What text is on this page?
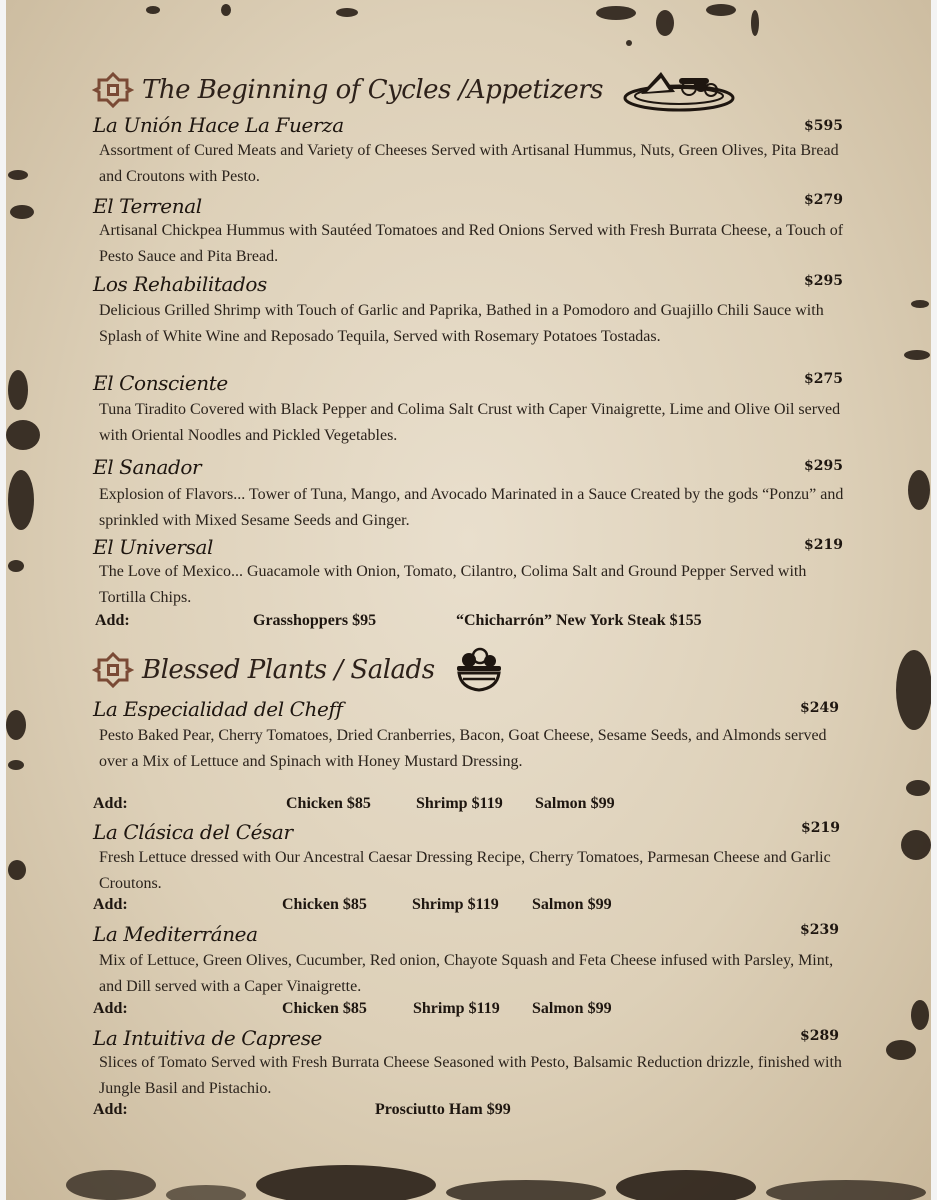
The Beginning of Cycles /Appetizers
La Unión Hace La Fuerza	$595

Assortment of Cured Meats and Variety of Cheeses Served with Artisanal Hummus, Nuts, Green Olives, Pita Bread and Croutons with Pesto.

El Terrenal	$279

Artisanal Chickpea Hummus with Sautéed Tomatoes and Red Onions Served with Fresh Burrata Cheese, a Touch of Pesto Sauce and Pita Bread.

Los Rehabilitados	$295

Delicious Grilled Shrimp with Touch of Garlic and Paprika, Bathed in a Pomodoro and Guajillo Chili Sauce with Splash of White Wine and Reposado Tequila, Served with Rosemary Potatoes Tostadas.

El Consciente	$275

Tuna Tiradito Covered with Black Pepper and Colima Salt Crust with Caper Vinaigrette, Lime and Olive Oil served with Oriental Noodles and Pickled Vegetables.

El Sanador	$295

Explosion of Flavors... Tower of Tuna, Mango, and Avocado Marinated in a Sauce Created by the gods “Ponzu” and sprinkled with Mixed Sesame Seeds and Ginger.

El Universal	$219

The Love of Mexico... Guacamole with Onion, Tomato, Cilantro, Colima Salt and Ground Pepper Served with Tortilla Chips.

Add:	Grasshoppers $95	“Chicharrón” New York Steak $155
Blessed Plants / Salads
La Especialidad del Cheff	$249

Pesto Baked Pear, Cherry Tomatoes, Dried Cranberries, Bacon, Goat Cheese, Sesame Seeds, and Almonds served over a Mix of Lettuce and Spinach with Honey Mustard Dressing.

Add:	Chicken $85	Shrimp $119 Salmon $99
La Clásica del César	$219

Fresh Lettuce dressed with Our Ancestral Caesar Dressing Recipe, Cherry Tomatoes, Parmesan Cheese and Garlic Croutons.

Add:	Chicken $85	Shrimp $119 Salmon $99
La Mediterránea	$239

Mix of Lettuce, Green Olives, Cucumber, Red onion, Chayote Squash and Feta Cheese infused with Parsley, Mint, and Dill served with a Caper Vinaigrette.

Add:	Chicken $85	Shrimp $119 Salmon $99
La Intuitiva de Caprese	$289

Slices of Tomato Served with Fresh Burrata Cheese Seasoned with Pesto, Balsamic Reduction drizzle, finished with Jungle Basil and Pistachio.

Add:	Prosciutto Ham $99
